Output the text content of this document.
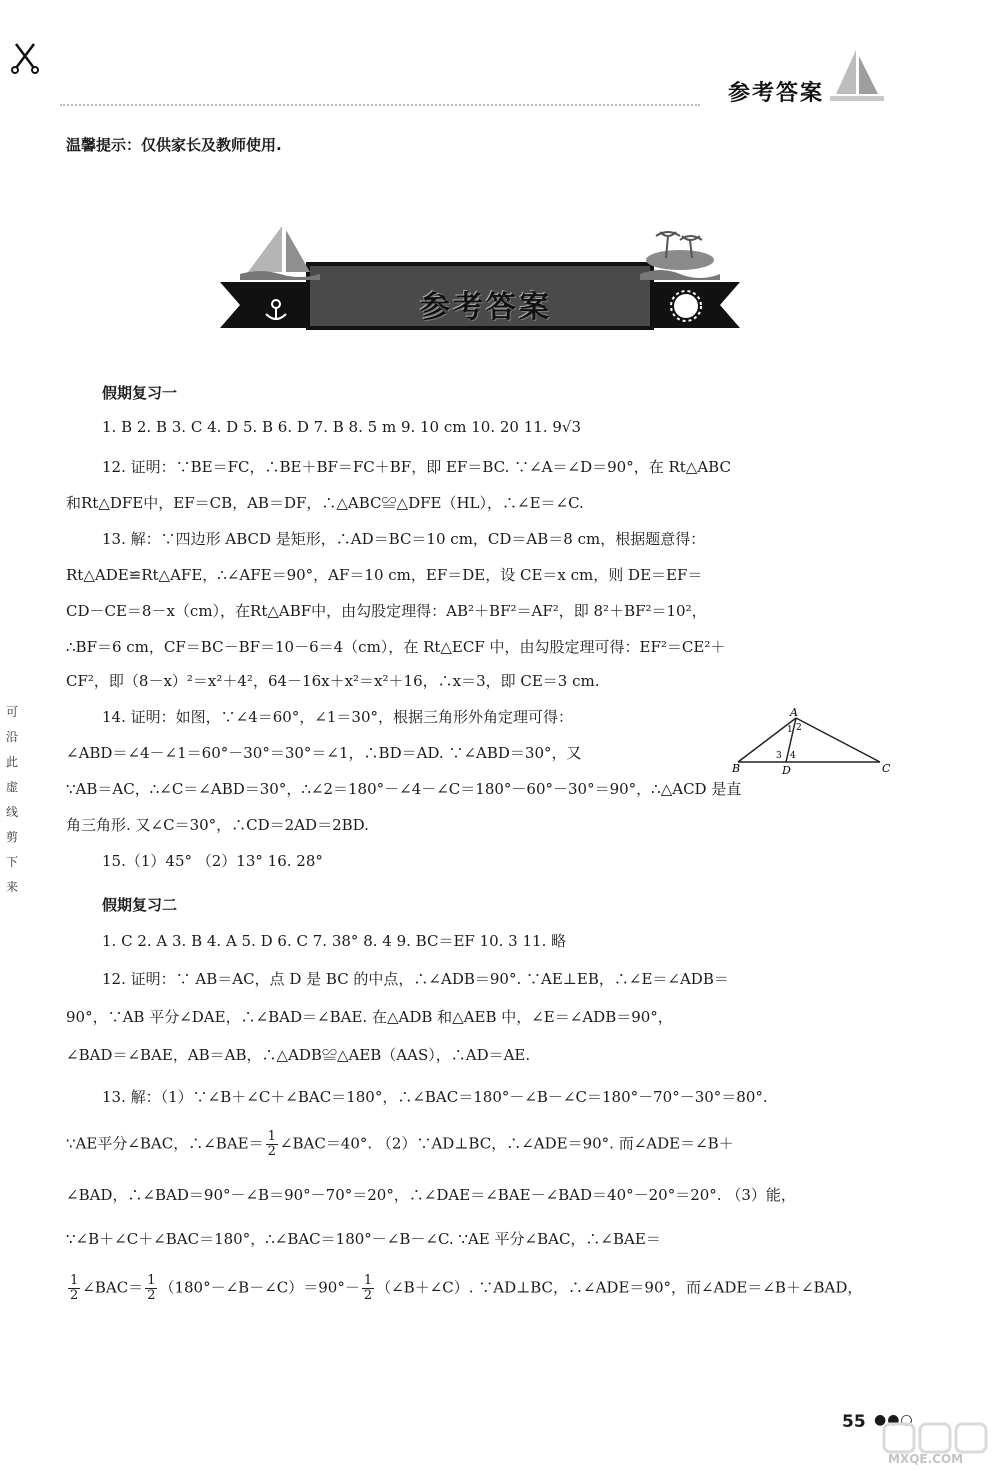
参考答案
温馨提示：仅供家长及教师使用.
参考答案
可
沿
此
虚
线
剪
下
来
假期复习一
1. B 2. B 3. C 4. D 5. B 6. D 7. B 8. 5 m 9. 10 cm 10. 20 11. 9√3
12. 证明：∵BE＝FC，∴BE＋BF＝FC＋BF，即 EF＝BC. ∵∠A＝∠D＝90°，在 Rt△ABC
和Rt△DFE中，EF＝CB，AB＝DF，∴△ABC≌△DFE（HL），∴∠E＝∠C.
13. 解：∵四边形 ABCD 是矩形，∴AD＝BC＝10 cm，CD＝AB＝8 cm，根据题意得：
Rt△ADE≌Rt△AFE，∴∠AFE＝90°，AF＝10 cm，EF＝DE，设 CE＝x cm，则 DE＝EF＝
CD－CE＝8－x（cm），在Rt△ABF中，由勾股定理得：AB²＋BF²＝AF²，即 8²＋BF²＝10²，
∴BF＝6 cm，CF＝BC－BF＝10－6＝4（cm），在 Rt△ECF 中，由勾股定理可得：EF²＝CE²＋
CF²，即（8－x）²＝x²＋4²，64－16x＋x²＝x²＋16，∴x＝3，即 CE＝3 cm.
14. 证明：如图，∵∠4＝60°，∠1＝30°，根据三角形外角定理可得：
∠ABD＝∠4－∠1＝60°－30°＝30°＝∠1，∴BD＝AD. ∵∠ABD＝30°，又
∵AB＝AC，∴∠C＝∠ABD＝30°，∴∠2＝180°－∠4－∠C＝180°－60°－30°＝90°，∴△ACD 是直
角三角形. 又∠C＝30°，∴CD＝2AD＝2BD.
15.（1）45° （2）13° 16. 28°
假期复习二
1. C 2. A 3. B 4. A 5. D 6. C 7. 38° 8. 4 9. BC＝EF 10. 3 11. 略
12. 证明：∵ AB＝AC，点 D 是 BC 的中点，∴∠ADB＝90°. ∵AE⊥EB，∴∠E＝∠ADB＝
90°，∵AB 平分∠DAE，∴∠BAD＝∠BAE. 在△ADB 和△AEB 中，∠E＝∠ADB＝90°，
∠BAD＝∠BAE，AB＝AB，∴△ADB≌△AEB（AAS），∴AD＝AE.
13. 解：（1）∵∠B＋∠C＋∠BAC＝180°，∴∠BAC＝180°－∠B－∠C＝180°－70°－30°＝80°.
∵AE平分∠BAC，∴∠BAE＝ $\frac{1}{2}$ ∠BAC＝40°. （2）∵AD⊥BC，∴∠ADE＝90°. 而∠ADE＝∠B＋
∠BAD，∴∠BAD＝90°－∠B＝90°－70°＝20°，∴∠DAE＝∠BAE－∠BAD＝40°－20°＝20°. （3）能，
∵∠B＋∠C＋∠BAC＝180°，∴∠BAC＝180°－∠B－∠C. ∵AE 平分∠BAC，∴∠BAE＝
$\frac{1}{2}$ ∠BAC＝ $\frac{1}{2}$ （180°－∠B－∠C）＝90°－ $\frac{1}{2}$ （∠B＋∠C）. ∵AD⊥BC，∴∠ADE＝90°，而∠ADE＝∠B＋∠BAD，
A
B	C
D
1 2
3 4
55 ●●○
MXQE.COM
